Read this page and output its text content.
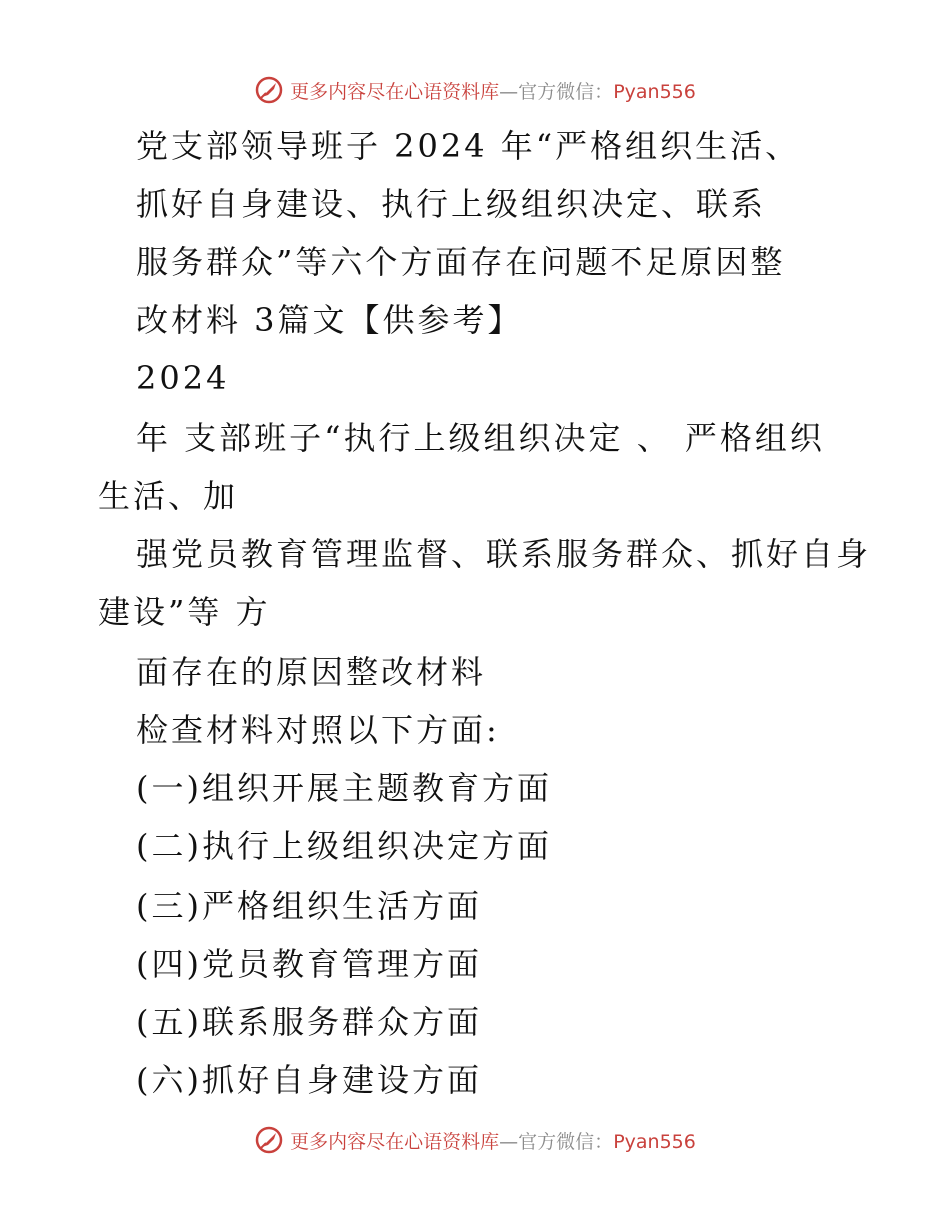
更多内容尽在心语资料库—官方微信：Pyan556
党支部领导班子 2024 年“严格组织生活、
抓好自身建设、执行上级组织决定、联系
服务群众”等六个方面存在问题不足原因整
改材料 3篇文【供参考】
2024
年 支部班子“执行上级组织决定 、 严格组织
生活、加
强党员教育管理监督、联系服务群众、抓好自身
建设”等 方
面存在的原因整改材料
检查材料对照以下方面:
(一)组织开展主题教育方面
(二)执行上级组织决定方面
(三)严格组织生活方面
(四)党员教育管理方面
(五)联系服务群众方面
(六)抓好自身建设方面
更多内容尽在心语资料库—官方微信：Pyan556
